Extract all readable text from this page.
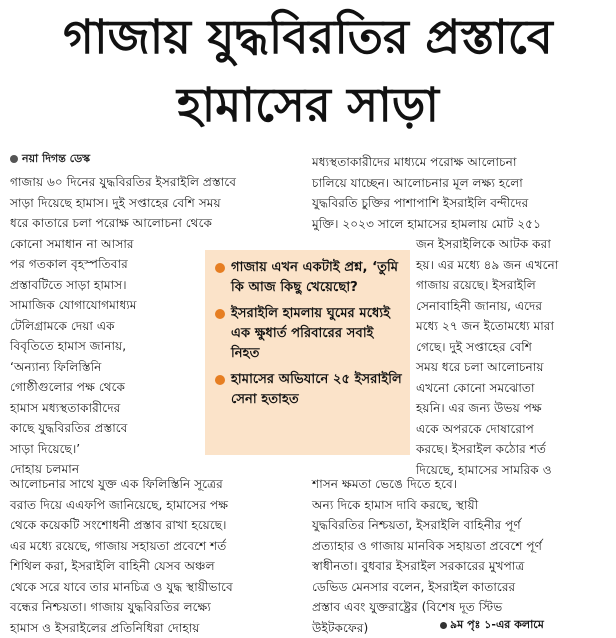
গাজায় যুদ্ধবিরতির প্রস্তাবে
হামাসের সাড়া
নয়া দিগন্ত ডেস্ক
গাজায় ৬০ দিনের যুদ্ধবিরতির ইসরাইলি প্রস্তাবে
সাড়া দিয়েছে হামাস। দুই সপ্তাহের বেশি সময়
ধরে কাতারে চলা পরোক্ষ আলোচনা থেকে
কোনো সমাধান না আসার
পর গতকাল বৃহস্পতিবার
প্রস্তাবটিতে সাড়া হামাস।
সামাজিক যোগাযোগমাধ্যম
টেলিগ্রামকে দেয়া এক
বিবৃতিতে হামাস জানায়,
‘অন্যান্য ফিলিস্তিনি
গোষ্ঠীগুলোর পক্ষ থেকে
হামাস মধ্যস্থতাকারীদের
কাছে যুদ্ধবিরতির প্রস্তাবে
সাড়া দিয়েছে।’
দোহায় চলমান
আলোচনার সাথে যুক্ত এক ফিলিস্তিনি সূত্রের
বরাত দিয়ে এএফপি জানিয়েছে, হামাসের পক্ষ
থেকে কয়েকটি সংশোধনী প্রস্তাব রাখা হয়েছে।
এর মধ্যে রয়েছে, গাজায় সহায়তা প্রবেশে শর্ত
শিথিল করা, ইসরাইলি বাহিনী যেসব অঞ্চল
থেকে সরে যাবে তার মানচিত্র ও যুদ্ধ স্থায়ীভাবে
বন্ধের নিশ্চয়তা। গাজায় যুদ্ধবিরতির লক্ষ্যে
হামাস ও ইসরাইলের প্রতিনিধিরা দোহায়
মধ্যস্থতাকারীদের মাধ্যমে পরোক্ষ আলোচনা
চালিয়ে যাচ্ছেন। আলোচনার মূল লক্ষ্য হলো
যুদ্ধবিরতি চুক্তির পাশাপাশি ইসরাইলি বন্দীদের
মুক্তি। ২০২৩ সালে হামাসের হামলায় মোট ২৫১
জন ইসরাইলিকে আটক করা
হয়। এর মধ্যে ৪৯ জন এখনো
গাজায় রয়েছে। ইসরাইলি
সেনাবাহিনী জানায়, এদের
মধ্যে ২৭ জন ইতোমধ্যে মারা
গেছে। দুই সপ্তাহের বেশি
সময় ধরে চলা আলোচনায়
এখনো কোনো সমঝোতা
হয়নি। এর জন্য উভয় পক্ষ
একে অপরকে দোষারোপ
করছে। ইসরাইল কঠোর শর্ত
দিয়েছে, হামাসের সামরিক ও
শাসন ক্ষমতা ভেঙে দিতে হবে।
অন্য দিকে হামাস দাবি করছে, স্থায়ী
যুদ্ধবিরতির নিশ্চয়তা, ইসরাইলি বাহিনীর পূর্ণ
প্রত্যাহার ও গাজায় মানবিক সহায়তা প্রবেশে পূর্ণ
স্বাধীনতা। বুধবার ইসরাইল সরকারের মুখপাত্র
ডেভিড মেনসার বলেন, ইসরাইল কাতারের
প্রস্তাব এবং যুক্তরাষ্ট্রের (বিশেষ দূত স্টিভ
উইটকফের)
গাজায় এখন একটাই প্রশ্ন, ‘তুমি কি আজ কিছু খেয়েছো?
ইসরাইলি হামলায় ঘুমের মধ্যেই এক ক্ষুধার্ত পরিবারের সবাই নিহত
হামাসের অভিযানে ২৫ ইসরাইলি সেনা হতাহত
৯ম পৃঃ ১-এর কলামে
